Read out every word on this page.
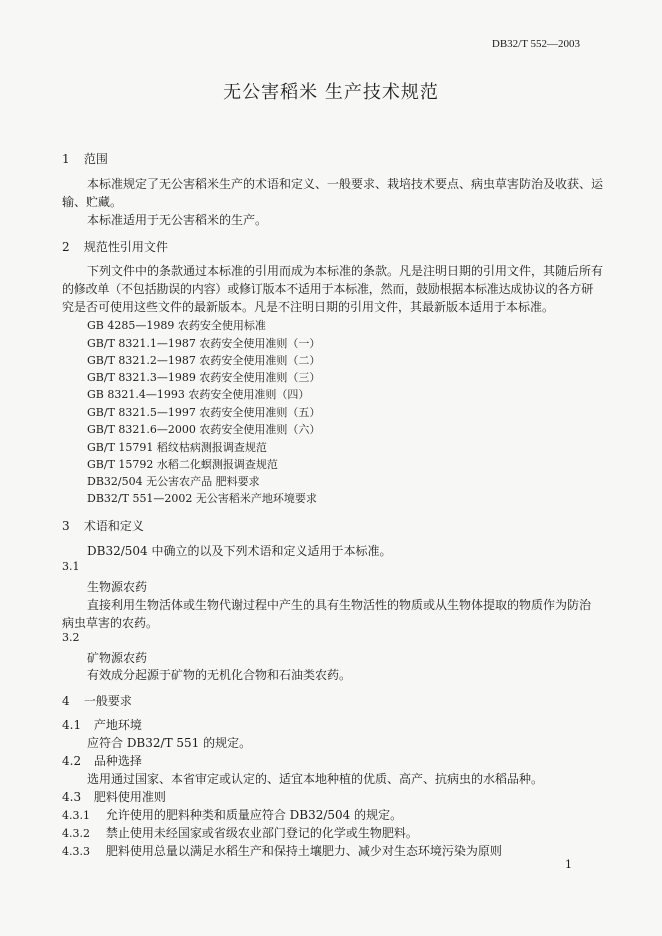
DB32/T 552—2003
无公害稻米 生产技术规范
1 范围
本标准规定了无公害稻米生产的术语和定义、一般要求、栽培技术要点、病虫草害防治及收获、运
输、贮藏。
本标准适用于无公害稻米的生产。
2 规范性引用文件
下列文件中的条款通过本标准的引用而成为本标准的条款。凡是注明日期的引用文件，其随后所有
的修改单（不包括勘误的内容）或修订版本不适用于本标准，然而，鼓励根据本标准达成协议的各方研
究是否可使用这些文件的最新版本。凡是不注明日期的引用文件，其最新版本适用于本标准。
GB 4285—1989 农药安全使用标准
GB/T 8321.1—1987 农药安全使用准则（一）
GB/T 8321.2—1987 农药安全使用准则（二）
GB/T 8321.3—1989 农药安全使用准则（三）
GB 8321.4—1993 农药安全使用准则（四）
GB/T 8321.5—1997 农药安全使用准则（五）
GB/T 8321.6—2000 农药安全使用准则（六）
GB/T 15791 稻纹枯病测报调查规范
GB/T 15792 水稻二化螟测报调查规范
DB32/504 无公害农产品 肥料要求
DB32/T 551—2002 无公害稻米产地环境要求
3 术语和定义
DB32/504 中确立的以及下列术语和定义适用于本标准。
3.1
生物源农药
直接利用生物活体或生物代谢过程中产生的具有生物活性的物质或从生物体提取的物质作为防治
病虫草害的农药。
3.2
矿物源农药
有效成分起源于矿物的无机化合物和石油类农药。
4 一般要求
4.1 产地环境
应符合 DB32/T 551 的规定。
4.2 品种选择
选用通过国家、本省审定或认定的、适宜本地种植的优质、高产、抗病虫的水稻品种。
4.3 肥料使用准则
4.3.1 允许使用的肥料种类和质量应符合 DB32/504 的规定。
4.3.2 禁止使用未经国家或省级农业部门登记的化学或生物肥料。
4.3.3 肥料使用总量以满足水稻生产和保持土壤肥力、减少对生态环境污染为原则
1
